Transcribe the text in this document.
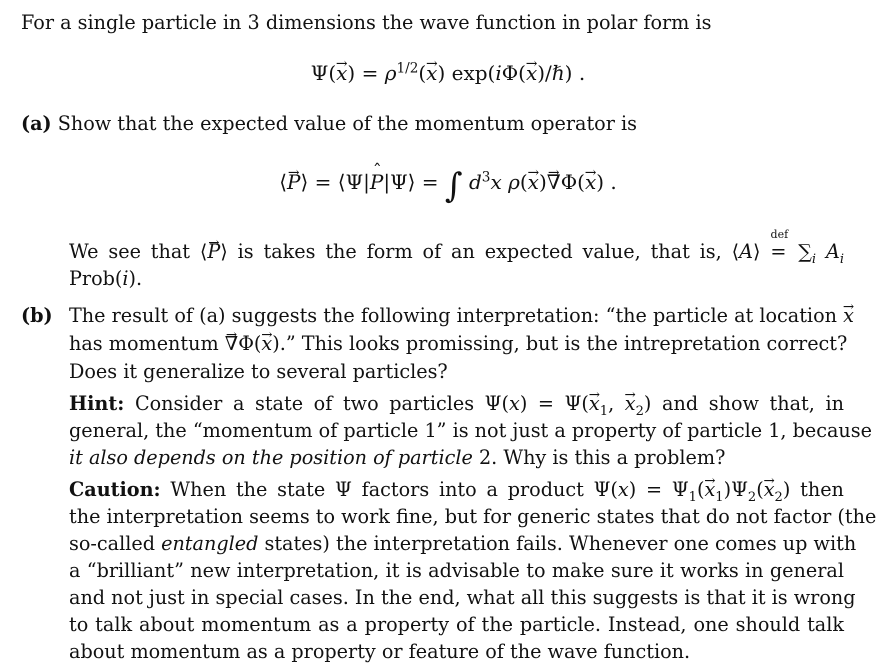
For a single particle in 3 dimensions the wave function in polar form is
$\Psi(\to x) = \rho^{1/2}(\to x)$ exp(iΦ(→ x)/ℏ) .
(a) Show that the expected value of the momentum operator is
⟨→ P⟩ = ⟨Ψ|ˆ P|Ψ⟩ = ∫ $d^3x$ ρ(→ x)→ ∇Φ(→ x) .
We see that ⟨→ P⟩ is takes the form of an expected value, that is, ⟨A⟩
def
= $\sum_i$ $A_i$
Prob(i).
(b) The result of (a) suggests the following interpretation: “the particle at location → x
has momentum → ∇Φ(→ x).” This looks promissing, but is the intrepretation correct?
Does it generalize to several particles?
Hint: Consider a state of two particles $\Psi(x) = \Psi(\to x_1$, → $x_2$) and show that, in
general, the “momentum of particle 1” is not just a property of particle 1, because
it also depends on the position of particle 2. Why is this a problem?
Caution: When the state Ψ factors into a product $\Psi(x) = \Psi_1(\to x_1)\Psi_2(\to x_2)$ then
the interpretation seems to work fine, but for generic states that do not factor (the
so-called entangled states) the interpretation fails. Whenever one comes up with
a “brilliant” new interpretation, it is advisable to make sure it works in general
and not just in special cases. In the end, what all this suggests is that it is wrong
to talk about momentum as a property of the particle. Instead, one should talk
about momentum as a property or feature of the wave function.
